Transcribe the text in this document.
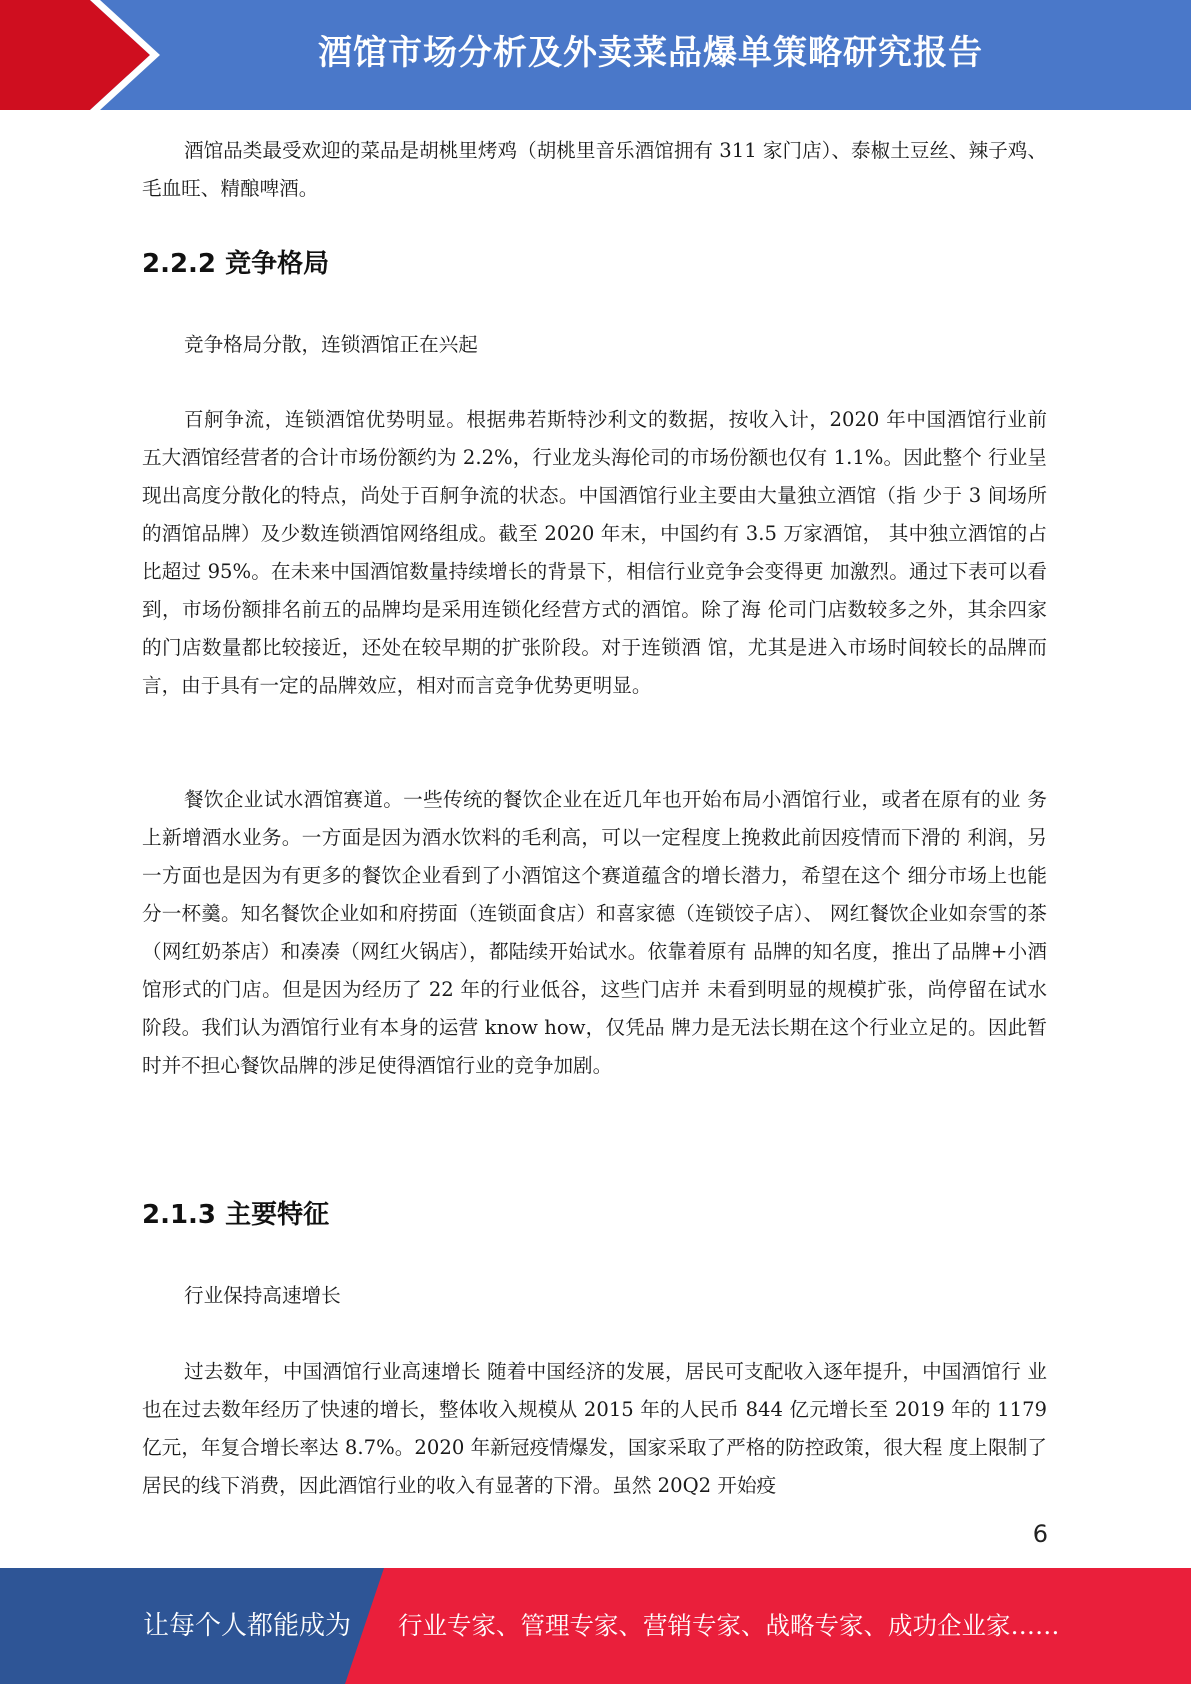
酒馆市场分析及外卖菜品爆单策略研究报告

酒馆品类最受欢迎的菜品是胡桃里烤鸡（胡桃里音乐酒馆拥有 311 家门店）、泰椒土豆丝、辣子鸡、毛血旺、精酿啤酒。

2.2.2 竞争格局

竞争格局分散，连锁酒馆正在兴起

百舸争流，连锁酒馆优势明显。根据弗若斯特沙利文的数据，按收入计，2020 年中国酒馆行业前 五大酒馆经营者的合计市场份额约为 2.2%，行业龙头海伦司的市场份额也仅有 1.1%。因此整个 行业呈现出高度分散化的特点，尚处于百舸争流的状态。中国酒馆行业主要由大量独立酒馆（指 少于 3 间场所的酒馆品牌）及少数连锁酒馆网络组成。截至 2020 年末，中国约有 3.5 万家酒馆， 其中独立酒馆的占比超过 95%。在未来中国酒馆数量持续增长的背景下，相信行业竞争会变得更 加激烈。通过下表可以看到，市场份额排名前五的品牌均是采用连锁化经营方式的酒馆。除了海 伦司门店数较多之外，其余四家的门店数量都比较接近，还处在较早期的扩张阶段。对于连锁酒 馆，尤其是进入市场时间较长的品牌而言，由于具有一定的品牌效应，相对而言竞争优势更明显。

餐饮企业试水酒馆赛道。一些传统的餐饮企业在近几年也开始布局小酒馆行业，或者在原有的业 务上新增酒水业务。一方面是因为酒水饮料的毛利高，可以一定程度上挽救此前因疫情而下滑的 利润，另一方面也是因为有更多的餐饮企业看到了小酒馆这个赛道蕴含的增长潜力，希望在这个 细分市场上也能分一杯羹。知名餐饮企业如和府捞面（连锁面食店）和喜家德（连锁饺子店）、 网红餐饮企业如奈雪的茶（网红奶茶店）和凑凑（网红火锅店），都陆续开始试水。依靠着原有 品牌的知名度，推出了品牌+小酒馆形式的门店。但是因为经历了 22 年的行业低谷，这些门店并 未看到明显的规模扩张，尚停留在试水阶段。我们认为酒馆行业有本身的运营 know how，仅凭品 牌力是无法长期在这个行业立足的。因此暂时并不担心餐饮品牌的涉足使得酒馆行业的竞争加剧。

2.1.3 主要特征

行业保持高速增长

过去数年，中国酒馆行业高速增长 随着中国经济的发展，居民可支配收入逐年提升，中国酒馆行 业也在过去数年经历了快速的增长，整体收入规模从 2015 年的人民币 844 亿元增长至 2019 年的 1179 亿元，年复合增长率达 8.7%。2020 年新冠疫情爆发，国家采取了严格的防控政策，很大程 度上限制了居民的线下消费，因此酒馆行业的收入有显著的下滑。虽然 20Q2 开始疫

6
让每个人都能成为 行业专家、管理专家、营销专家、战略专家、成功企业家……
